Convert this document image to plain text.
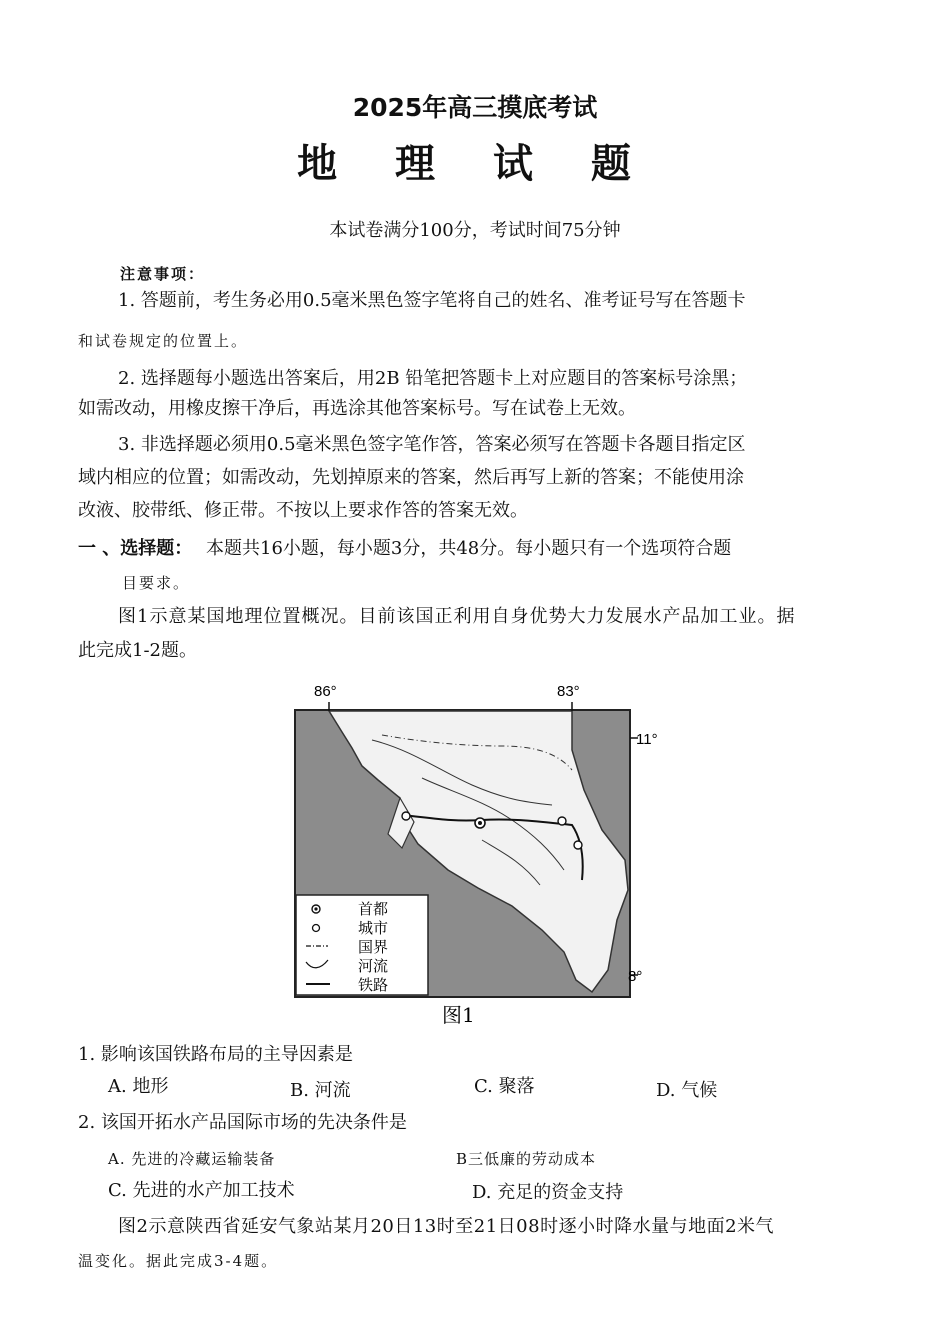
2025年高三摸底考试
地 理 试 题
本试卷满分100分，考试时间75分钟
注意事项：
1. 答题前，考生务必用0.5毫米黑色签字笔将自己的姓名、准考证号写在答题卡
和试卷规定的位置上。
2. 选择题每小题选出答案后，用2B 铅笔把答题卡上对应题目的答案标号涂黑；
如需改动，用橡皮擦干净后，再选涂其他答案标号。写在试卷上无效。
3. 非选择题必须用0.5毫米黑色签字笔作答，答案必须写在答题卡各题目指定区
域内相应的位置；如需改动，先划掉原来的答案，然后再写上新的答案；不能使用涂
改液、胶带纸、修正带。不按以上要求作答的答案无效。
一 、选择题： 本题共16小题，每小题3分，共48分。每小题只有一个选项符合题
目要求。
图1示意某国地理位置概况。目前该国正利用自身优势大力发展水产品加工业。据
此完成1-2题。
86°	83°
11°
8°
首都
城市
国界
河流
铁路
图1
1. 影响该国铁路布局的主导因素是
A. 地形	B. 河流	C. 聚落	D. 气候
2. 该国开拓水产品国际市场的先决条件是
A. 先进的冷藏运输装备	B三低廉的劳动成本
C. 先进的水产加工技术	D. 充足的资金支持
图2示意陕西省延安气象站某月20日13时至21日08时逐小时降水量与地面2米气
温变化。据此完成3-4题。
